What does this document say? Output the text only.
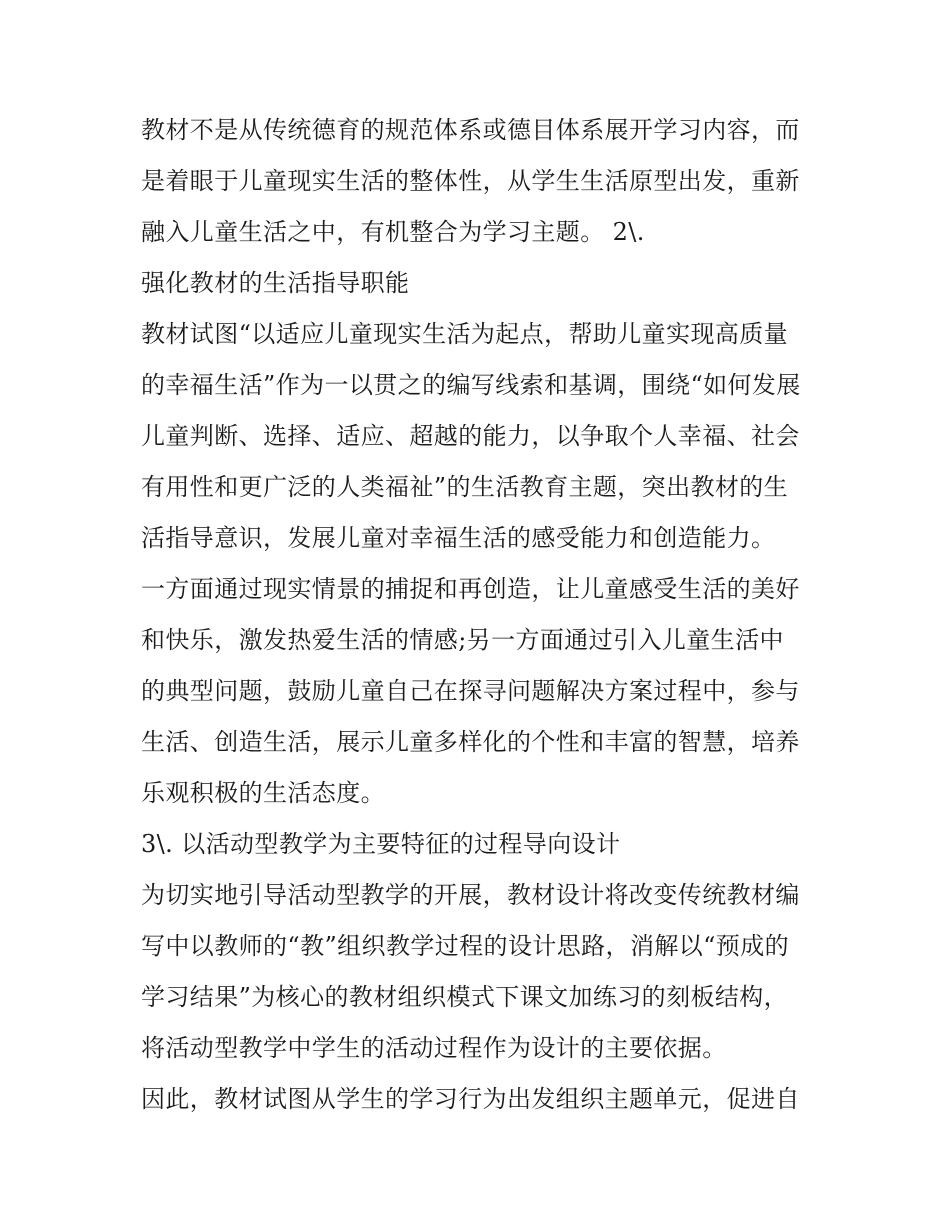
教材不是从传统德育的规范体系或德目体系展开学习内容，而
是着眼于儿童现实生活的整体性，从学生生活原型出发，重新
融入儿童生活之中，有机整合为学习主题。 2\.
强化教材的生活指导职能
教材试图“以适应儿童现实生活为起点，帮助儿童实现高质量
的幸福生活”作为一以贯之的编写线索和基调，围绕“如何发展
儿童判断、选择、适应、超越的能力，以争取个人幸福、社会
有用性和更广泛的人类福祉”的生活教育主题，突出教材的生
活指导意识，发展儿童对幸福生活的感受能力和创造能力。
一方面通过现实情景的捕捉和再创造，让儿童感受生活的美好
和快乐，激发热爱生活的情感;另一方面通过引入儿童生活中
的典型问题，鼓励儿童自己在探寻问题解决方案过程中，参与
生活、创造生活，展示儿童多样化的个性和丰富的智慧，培养
乐观积极的生活态度。
3\. 以活动型教学为主要特征的过程导向设计
为切实地引导活动型教学的开展，教材设计将改变传统教材编
写中以教师的“教”组织教学过程的设计思路，消解以“预成的
学习结果”为核心的教材组织模式下课文加练习的刻板结构，
将活动型教学中学生的活动过程作为设计的主要依据。
因此，教材试图从学生的学习行为出发组织主题单元，促进自
